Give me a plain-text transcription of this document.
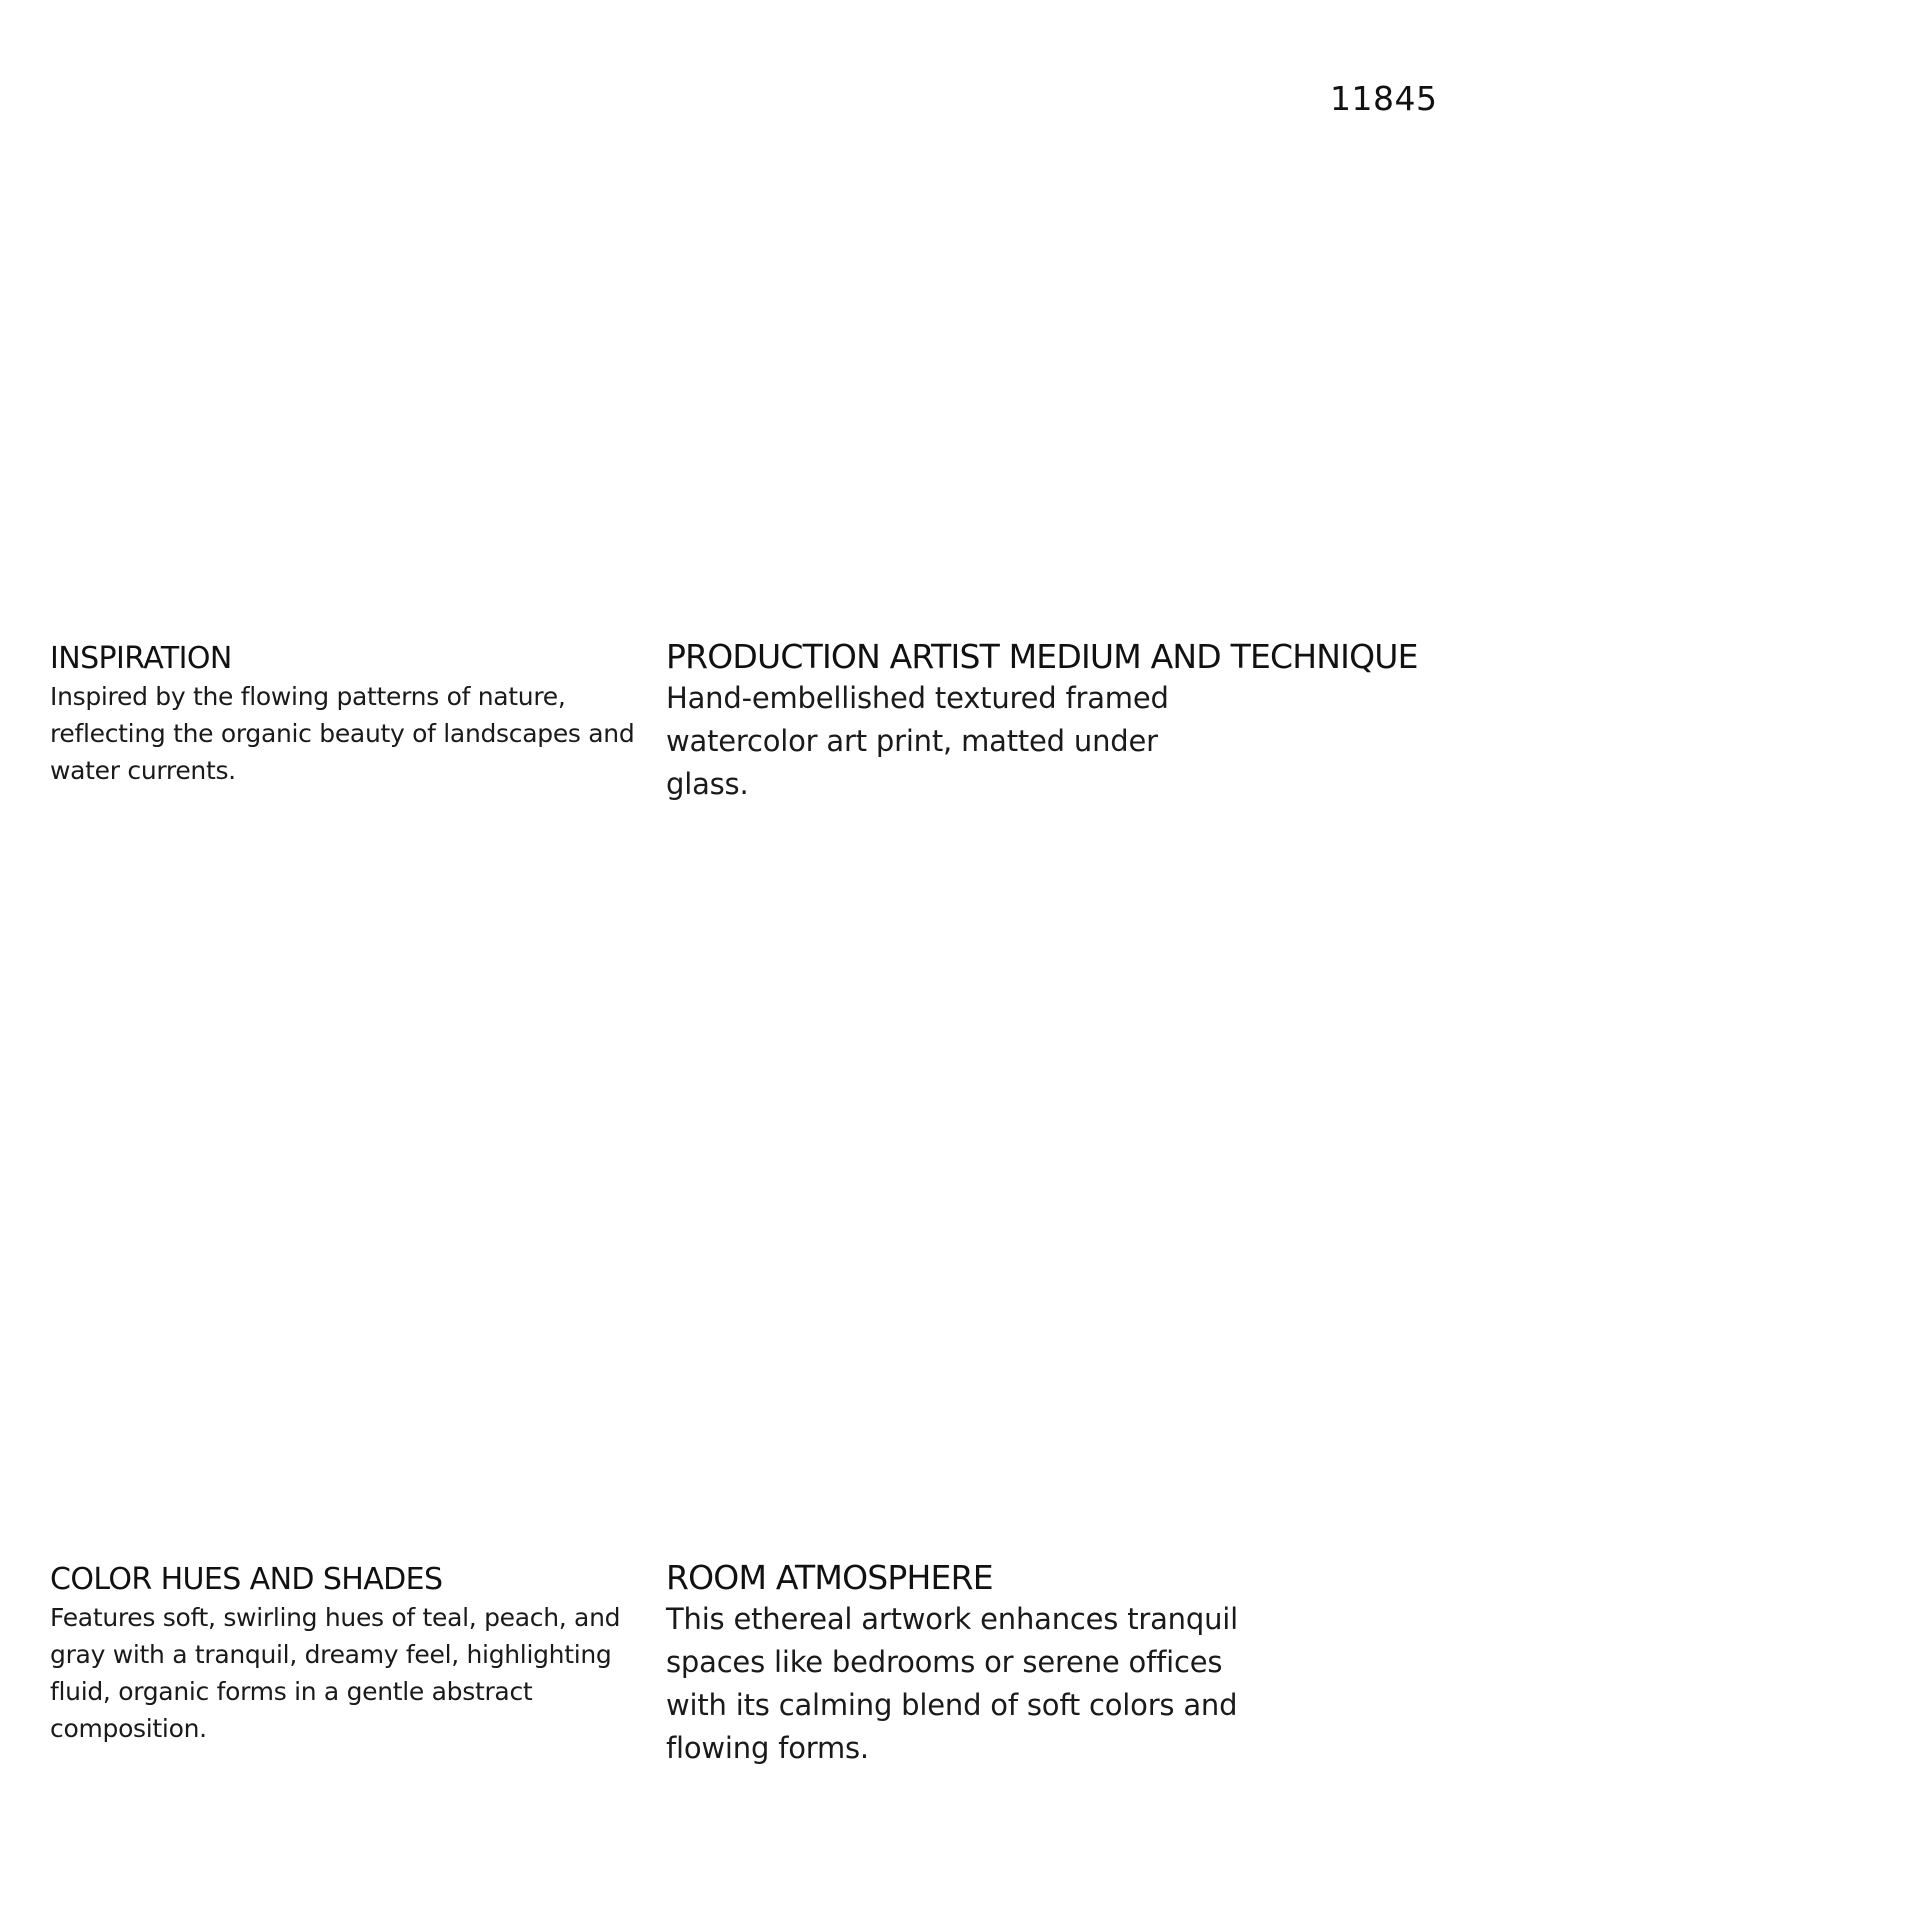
11845
INSPIRATION

Inspired by the flowing patterns of nature, reflecting the organic beauty of landscapes and water currents.

PRODUCTION ARTIST MEDIUM AND TECHNIQUE

Hand-embellished textured framed watercolor art print, matted under glass.

COLOR HUES AND SHADES

Features soft, swirling hues of teal, peach, and gray with a tranquil, dreamy feel, highlighting fluid, organic forms in a gentle abstract composition.

ROOM ATMOSPHERE

This ethereal artwork enhances tranquil spaces like bedrooms or serene offices with its calming blend of soft colors and flowing forms.
